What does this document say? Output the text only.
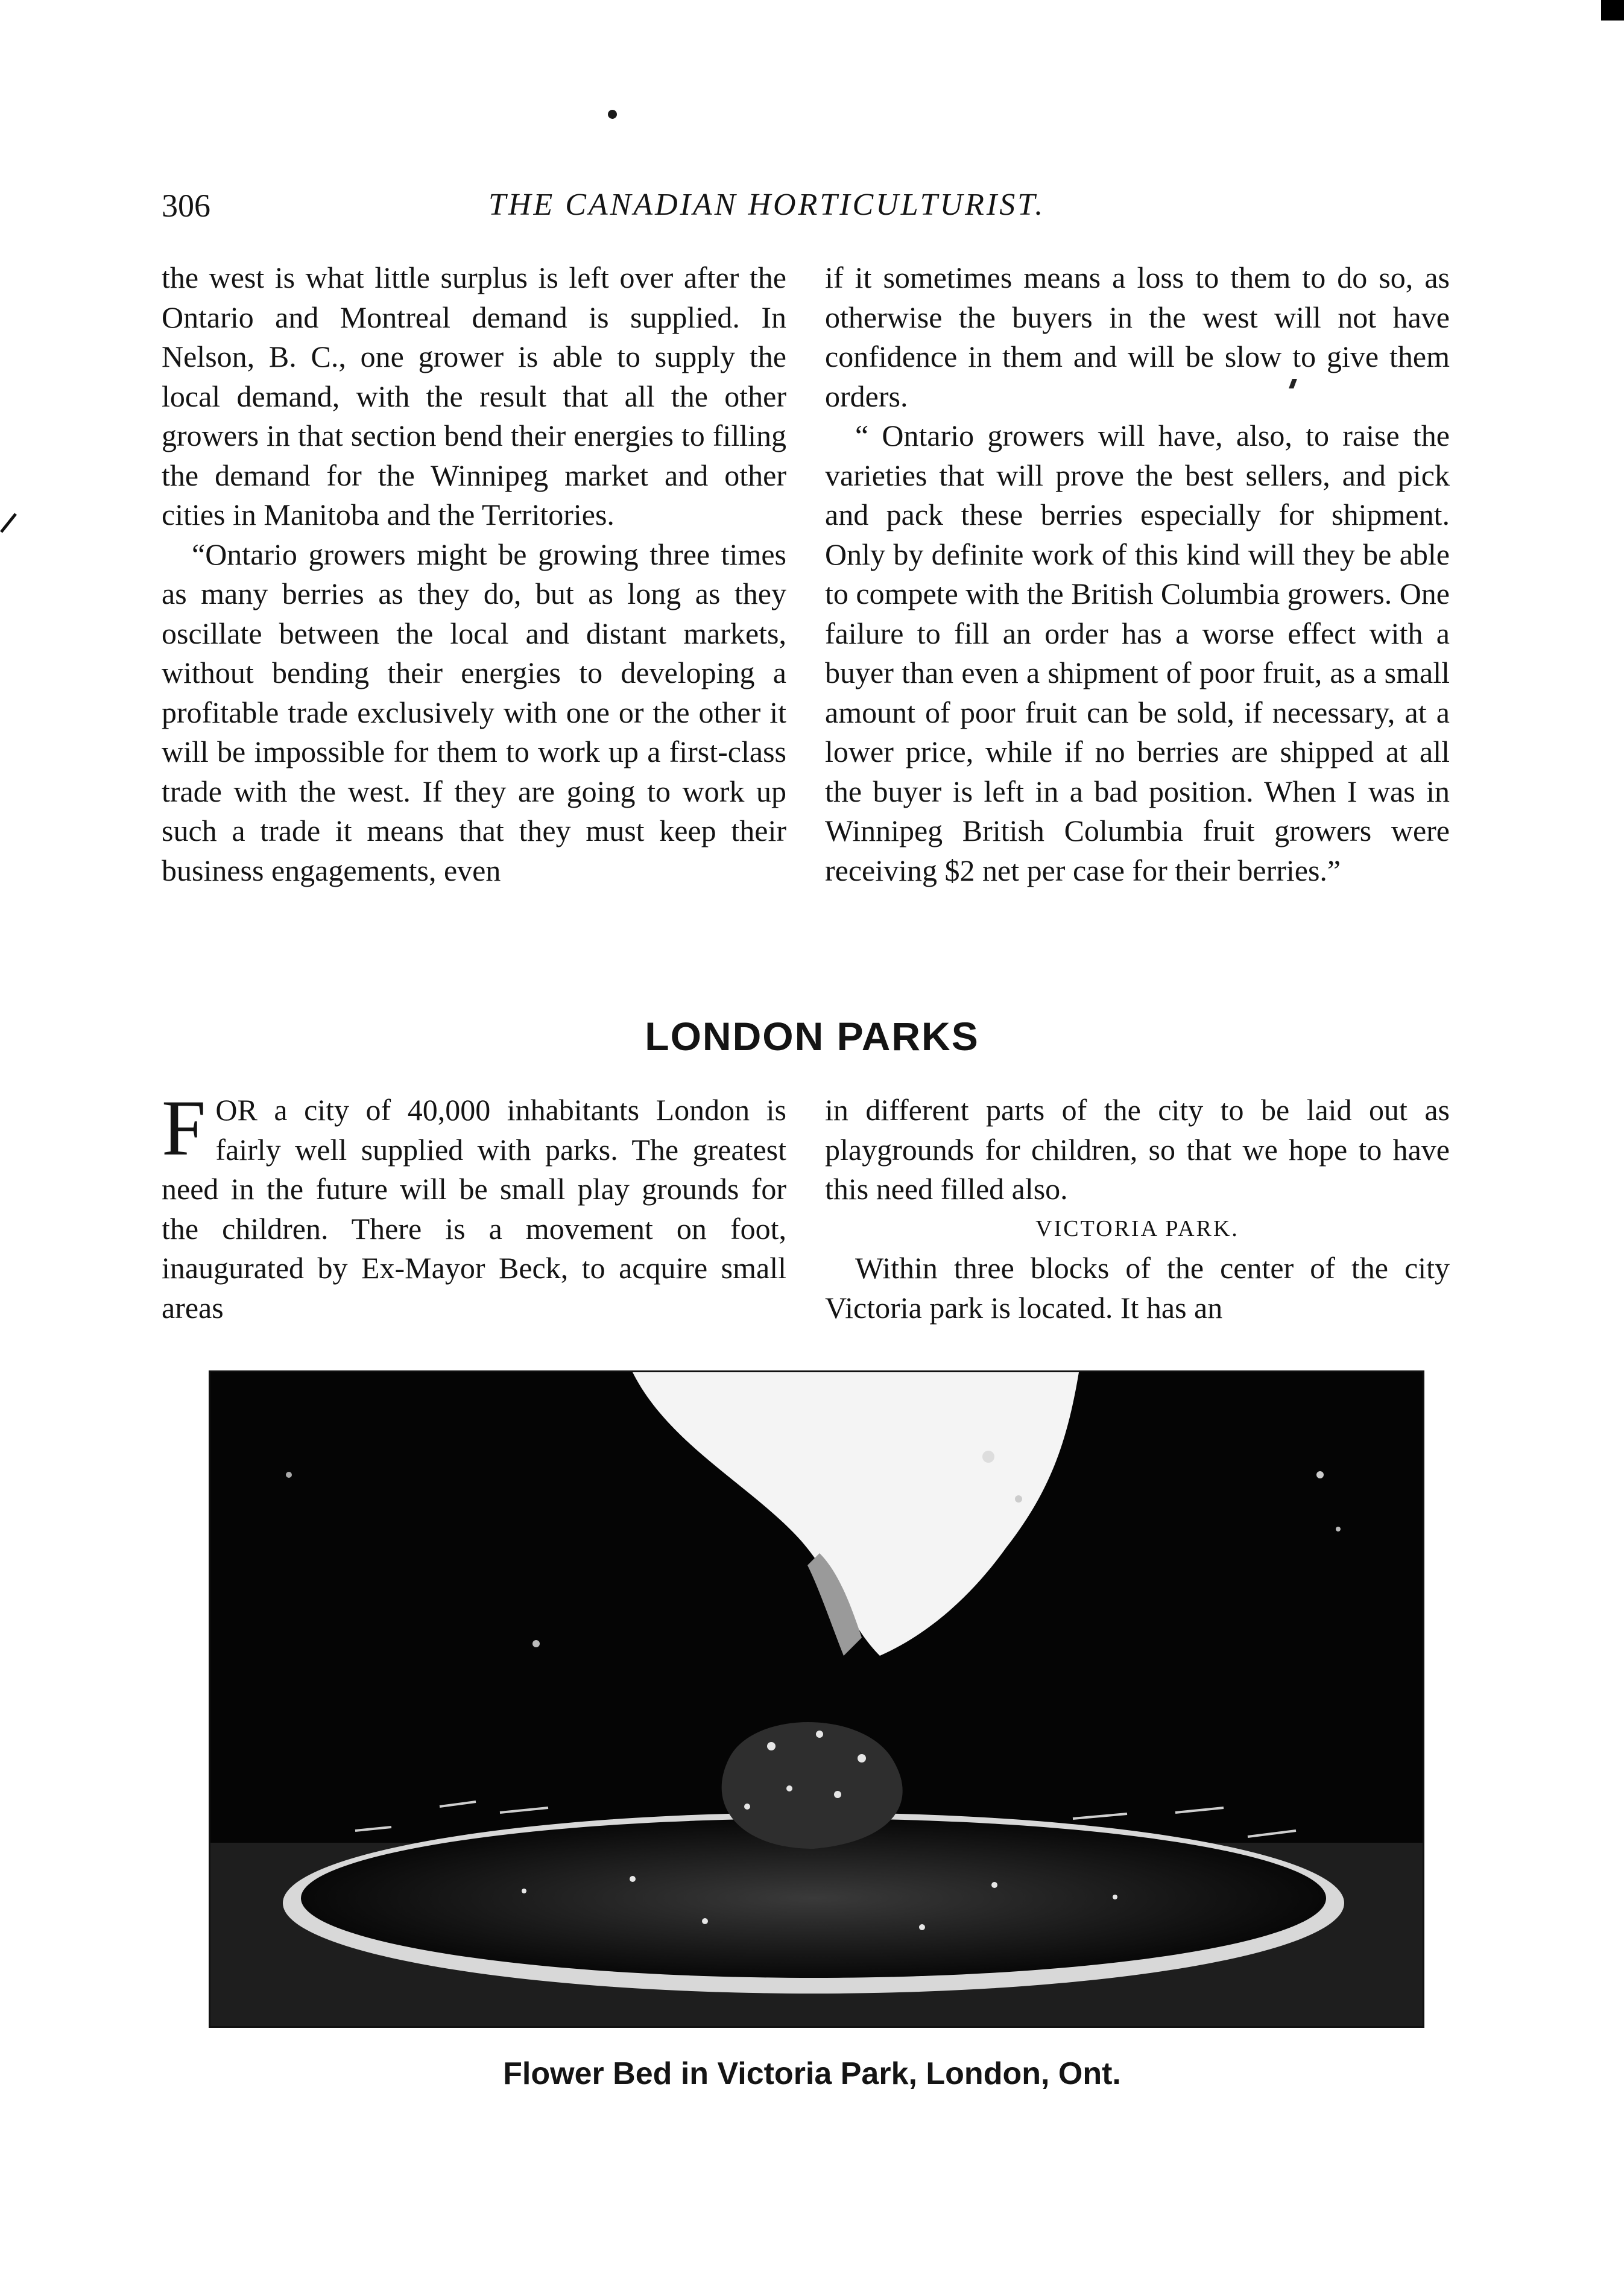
306	THE CANADIAN HORTICULTURIST.

the west is what little surplus is left over after the Ontario and Montreal demand is supplied. In Nelson, B. C., one grower is able to supply the local demand, with the result that all the other growers in that section bend their energies to filling the demand for the Winnipeg market and other cities in Manitoba and the Territories.

“Ontario growers might be growing three times as many berries as they do, but as long as they oscillate between the local and distant markets, without bending their energies to developing a profitable trade exclusively with one or the other it will be impossible for them to work up a first-class trade with the west. If they are going to work up such a trade it means that they must keep their business engagements, even

if it sometimes means a loss to them to do so, as otherwise the buyers in the west will not have confidence in them and will be slow to give them orders.

“ Ontario growers will have, also, to raise the varieties that will prove the best sellers, and pick and pack these berries especially for shipment. Only by definite work of this kind will they be able to compete with the British Columbia growers. One failure to fill an order has a worse effect with a buyer than even a shipment of poor fruit, as a small amount of poor fruit can be sold, if necessary, at a lower price, while if no berries are shipped at all the buyer is left in a bad position. When I was in Winnipeg British Columbia fruit growers were receiving $2 net per case for their berries.”

LONDON PARKS

F OR a city of 40,000 inhabitants London is fairly well supplied with parks. The greatest need in the future will be small play grounds for the children. There is a movement on foot, inaugurated by Ex-Mayor Beck, to acquire small areas

in different parts of the city to be laid out as playgrounds for children, so that we hope to have this need filled also.

VICTORIA PARK.

Within three blocks of the center of the city Victoria park is located. It has an

Flower Bed in Victoria Park, London, Ont.
